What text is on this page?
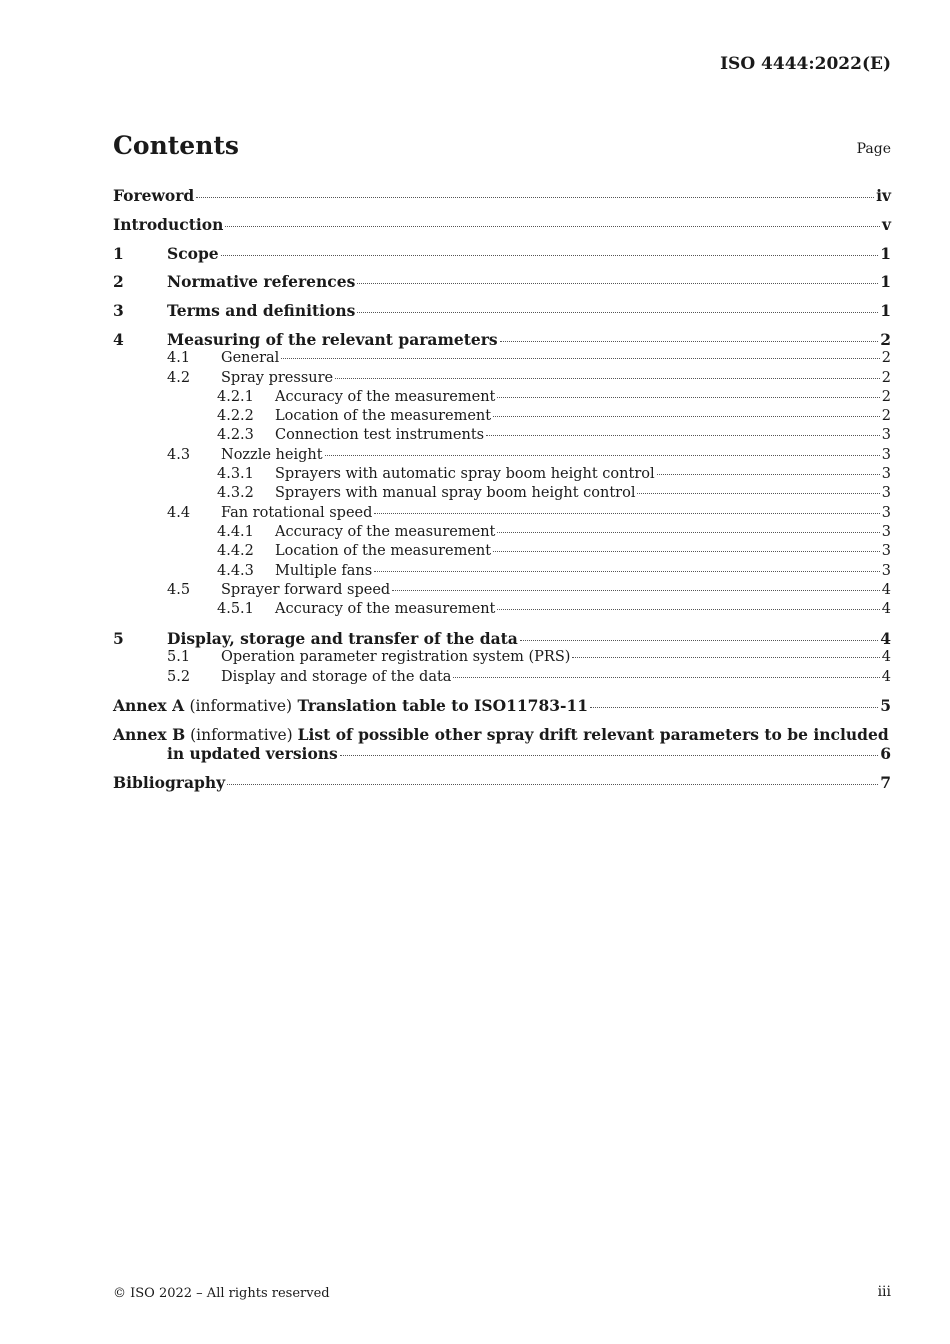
ISO 4444:2022(E)
Contents	Page
Foreword	iv
Introduction	v
1	Scope	1
2	Normative references	1
3	Terms and definitions	1
4	Measuring of the relevant parameters	2
4.1	General	2
4.2	Spray pressure	2
4.2.1	Accuracy of the measurement	2
4.2.2	Location of the measurement	2
4.2.3	Connection test instruments	3
4.3	Nozzle height	3
4.3.1	Sprayers with automatic spray boom height control	3
4.3.2	Sprayers with manual spray boom height control	3
4.4	Fan rotational speed	3
4.4.1	Accuracy of the measurement	3
4.4.2	Location of the measurement	3
4.4.3	Multiple fans	3
4.5	Sprayer forward speed	4
4.5.1	Accuracy of the measurement	4
5	Display, storage and transfer of the data	4
5.1	Operation parameter registration system (PRS)	4
5.2	Display and storage of the data	4
Annex A (informative) Translation table to ISO11783-11	5
Annex B (informative) List of possible other spray drift relevant parameters to be included
in updated versions	6
Bibliography	7
© ISO 2022 – All rights reserved	iii
